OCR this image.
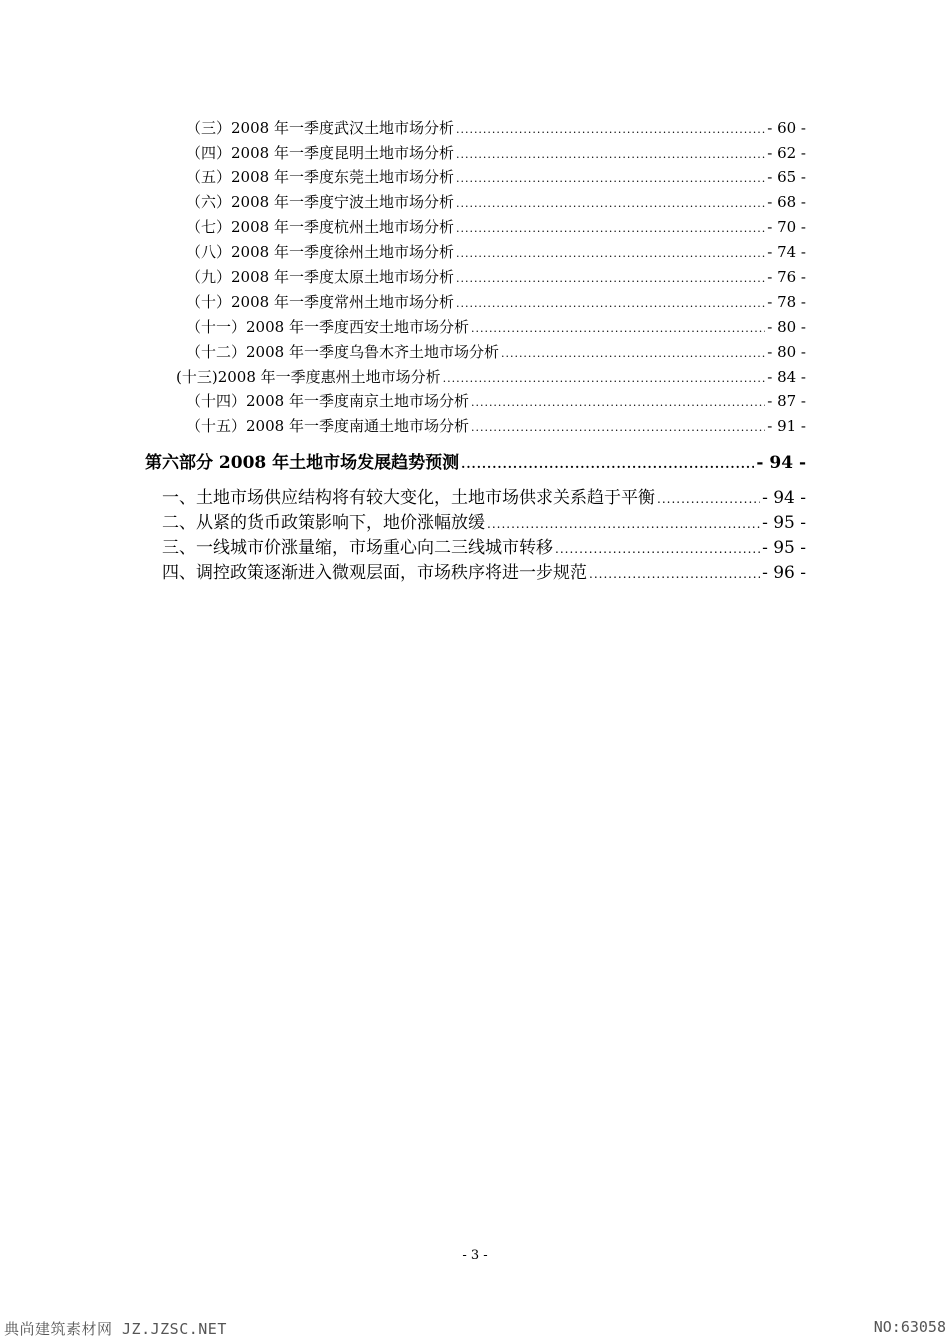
（三）2008 年一季度武汉土地市场分析 .....	- 60 -
（四）2008 年一季度昆明土地市场分析 .....	- 62 -
（五）2008 年一季度东莞土地市场分析 .....	- 65 -
（六）2008 年一季度宁波土地市场分析 .....	- 68 -
（七）2008 年一季度杭州土地市场分析 .....	- 70 -
（八）2008 年一季度徐州土地市场分析 .....	- 74 -
（九）2008 年一季度太原土地市场分析 .....	- 76 -
（十）2008 年一季度常州土地市场分析 .....	- 78 -
（十一）2008 年一季度西安土地市场分析 .....	- 80 -
（十二）2008 年一季度乌鲁木齐土地市场分析 .....	- 80 -
(十三)2008 年一季度惠州土地市场分析 .....	- 84 -
（十四）2008 年一季度南京土地市场分析 .....	- 87 -
（十五）2008 年一季度南通土地市场分析 .....	- 91 -
第六部分 2008 年土地市场发展趋势预测 .....	- 94 -
一、土地市场供应结构将有较大变化，土地市场供求关系趋于平衡 .....	- 94 -
二、从紧的货币政策影响下，地价涨幅放缓 .....	- 95 -
三、一线城市价涨量缩，市场重心向二三线城市转移 .....	- 95 -
四、调控政策逐渐进入微观层面，市场秩序将进一步规范 .....	- 96 -
- 3 -
典尚建筑素材网 JZ.JZSC.NET	NO:63058
